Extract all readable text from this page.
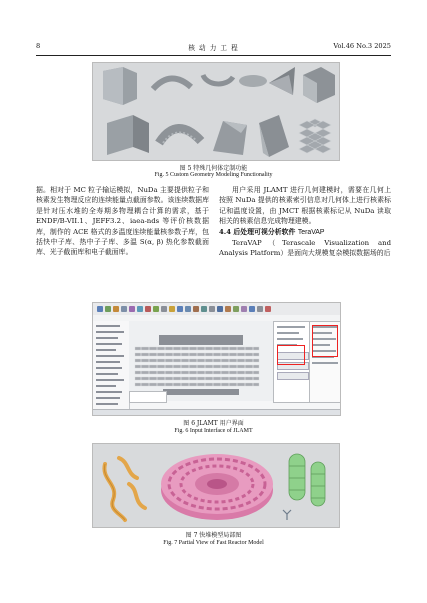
8	核 动 力 工 程	Vol.46 No.3 2025
图 5 特殊几何体定制功能
Fig. 5 Custom Geometry Modeling Functionality

据。相对于 MC 粒子输运模拟，NuDa 主要提供粒子和核素发生物理反应的连续能量点截面参数。该连续数据库是针对压水堆的全寿期多物理耦合计算的需求，基于 ENDF/B-VII.1、JEFF3.2、iaea-nds 等评价核数据库，制作的 ACE 格式的多温度连续能量核参数子库，包括快中子库、热中子子库、多温 S(α, β) 热化参数截面库、光子截面库和电子截面库。

用户采用 JLAMT 进行几何建模时，需要在几何上按照 NuDa 提供的核素索引信息对几何体上进行核素标记和温度设置，由 JMCT 根据核素标记从 NuDa 读取相关的核素信息完成物理建模。

4.4 后处理可视分析软件 TeraVAP

TeraVAP（Terascale Visualization and Analysis Platform）是面向大规模复杂模拟数据场的后

图 6 JLAMT 用户界面
Fig. 6 Input Interface of JLAMT
图 7 快堆模型局部图
Fig. 7 Partial View of Fast Reactor Model
